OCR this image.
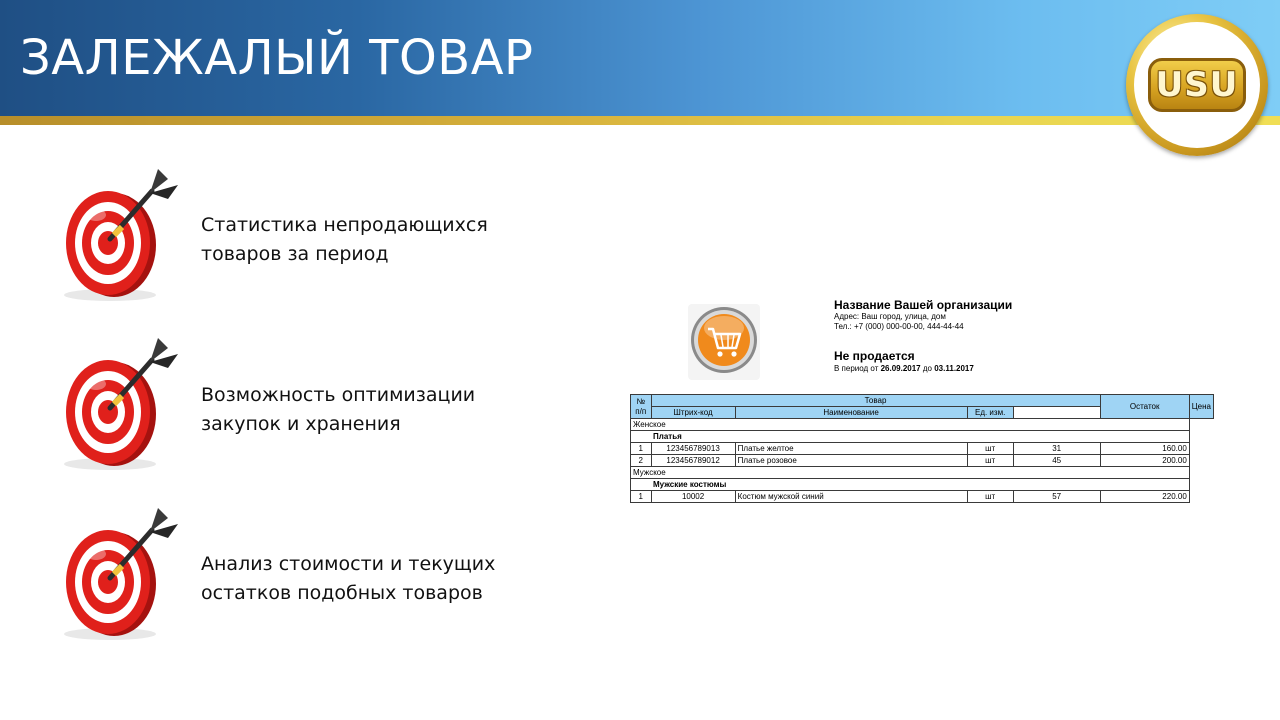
ЗАЛЕЖАЛЫЙ ТОВАР	USU
Статистика непродающихся
товаров за период
Возможность оптимизации
закупок и хранения
Анализ стоимости и текущих
остатков подобных товаров
Название Вашей организации
Адрес: Ваш город, улица, дом
Тел.: +7 (000) 000-00-00, 444-44-44
Не продается
В период от 26.09.2017 до 03.11.2017
№ п/п	Товар				Остаток	Цена
	Штрих-код	Наименование	Ед. изм.			
Женское						
Платья						
1	123456789013	Платье желтое	шт	31	160.00	
2	123456789012	Платье розовое	шт	45	200.00	
Мужское						
Мужские костюмы						
1	10002	Костюм мужской синий	шт	57	220.00	
